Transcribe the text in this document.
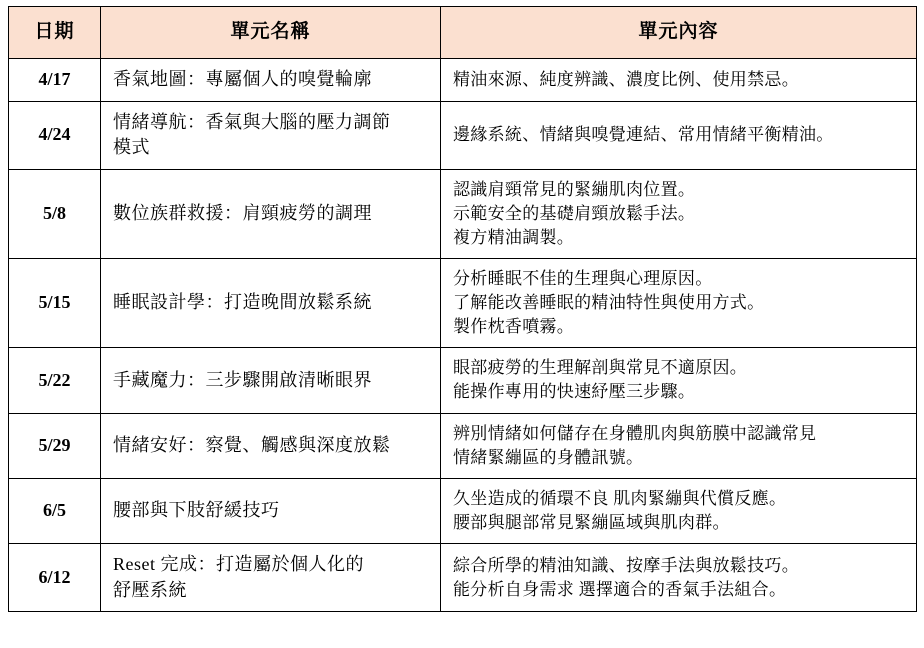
日期	單元名稱	單元內容
4/17	香氣地圖：專屬個人的嗅覺輪廓	精油來源、純度辨識、濃度比例、使用禁忌。

4/24	情緒導航：香氣與大腦的壓力調節
模式	邊緣系統、情緒與嗅覺連結、常用情緒平衡精油。

5/8	數位族群救援：肩頸疲勞的調理	認識肩頸常見的緊繃肌肉位置。
示範安全的基礎肩頸放鬆手法。
複方精油調製。

5/15	睡眠設計學：打造晚間放鬆系統	分析睡眠不佳的生理與心理原因。
了解能改善睡眠的精油特性與使用方式。
製作枕香噴霧。

5/22	手藏魔力：三步驟開啟清晰眼界	眼部疲勞的生理解剖與常見不適原因。
能操作專用的快速紓壓三步驟。

5/29	情緒安好：察覺、觸感與深度放鬆	辨別情緒如何儲存在身體肌肉與筋膜中認識常見
情緒緊繃區的身體訊號。

6/5	腰部與下肢舒緩技巧	久坐造成的循環不良 肌肉緊繃與代償反應。
腰部與腿部常見緊繃區域與肌肉群。

6/12	Reset 完成：打造屬於個人化的
舒壓系統	綜合所學的精油知識、按摩手法與放鬆技巧。
能分析自身需求 選擇適合的香氣手法組合。
